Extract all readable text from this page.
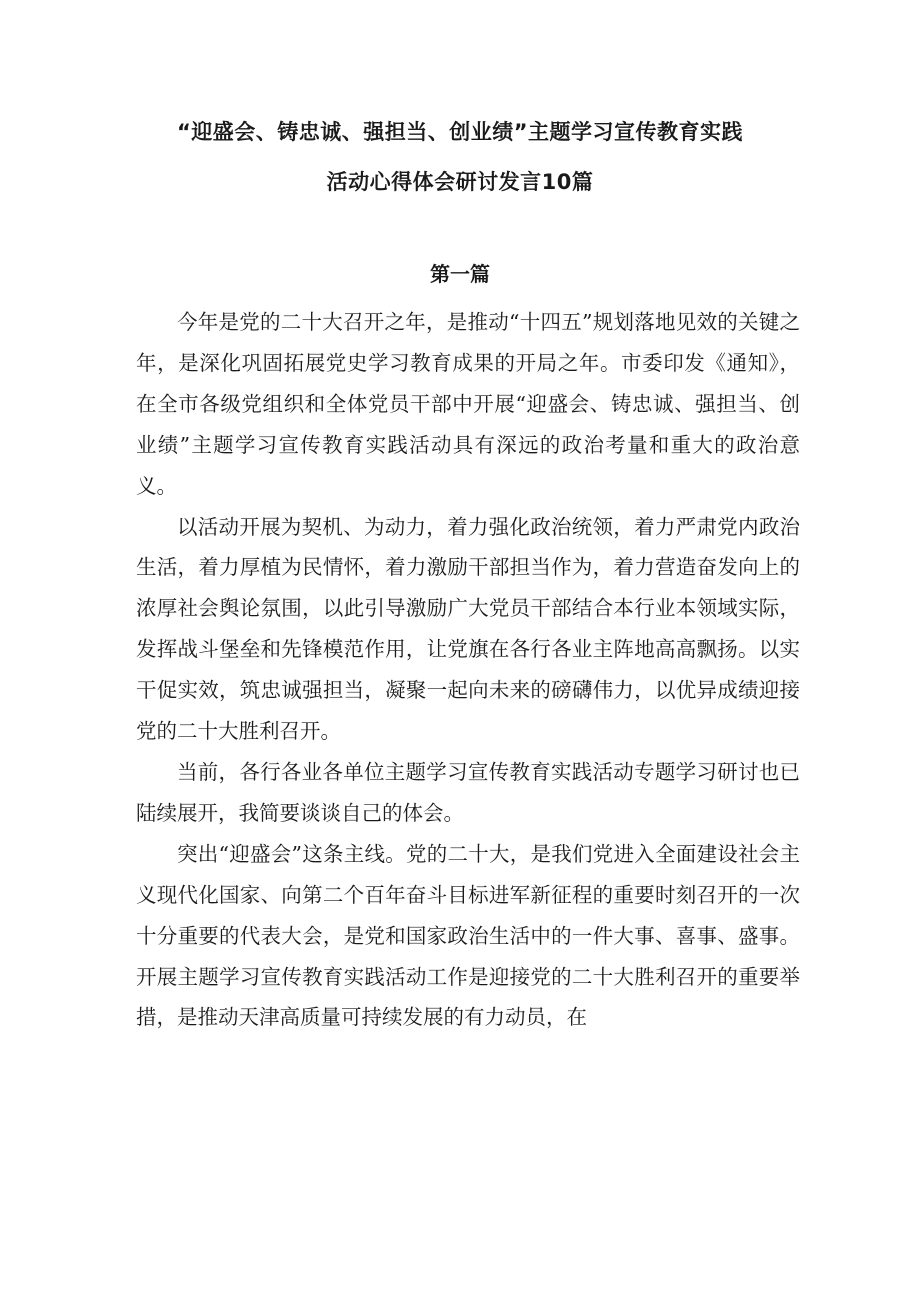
“迎盛会、铸忠诚、强担当、创业绩”主题学习宣传教育实践
活动心得体会研讨发言10篇
第一篇

今年是党的二十大召开之年，是推动“十四五”规划落地见效的关键之年，是深化巩固拓展党史学习教育成果的开局之年。市委印发《通知》，在全市各级党组织和全体党员干部中开展“迎盛会、铸忠诚、强担当、创业绩”主题学习宣传教育实践活动具有深远的政治考量和重大的政治意义。

以活动开展为契机、为动力，着力强化政治统领，着力严肃党内政治生活，着力厚植为民情怀，着力激励干部担当作为，着力营造奋发向上的浓厚社会舆论氛围，以此引导激励广大党员干部结合本行业本领域实际，发挥战斗堡垒和先锋模范作用，让党旗在各行各业主阵地高高飘扬。以实干促实效，筑忠诚强担当，凝聚一起向未来的磅礴伟力，以优异成绩迎接党的二十大胜利召开。

当前，各行各业各单位主题学习宣传教育实践活动专题学习研讨也已陆续展开，我简要谈谈自己的体会。

突出“迎盛会”这条主线。党的二十大，是我们党进入全面建设社会主义现代化国家、向第二个百年奋斗目标进军新征程的重要时刻召开的一次十分重要的代表大会，是党和国家政治生活中的一件大事、喜事、盛事。开展主题学习宣传教育实践活动工作是迎接党的二十大胜利召开的重要举措，是推动天津高质量可持续发展的有力动员，在
